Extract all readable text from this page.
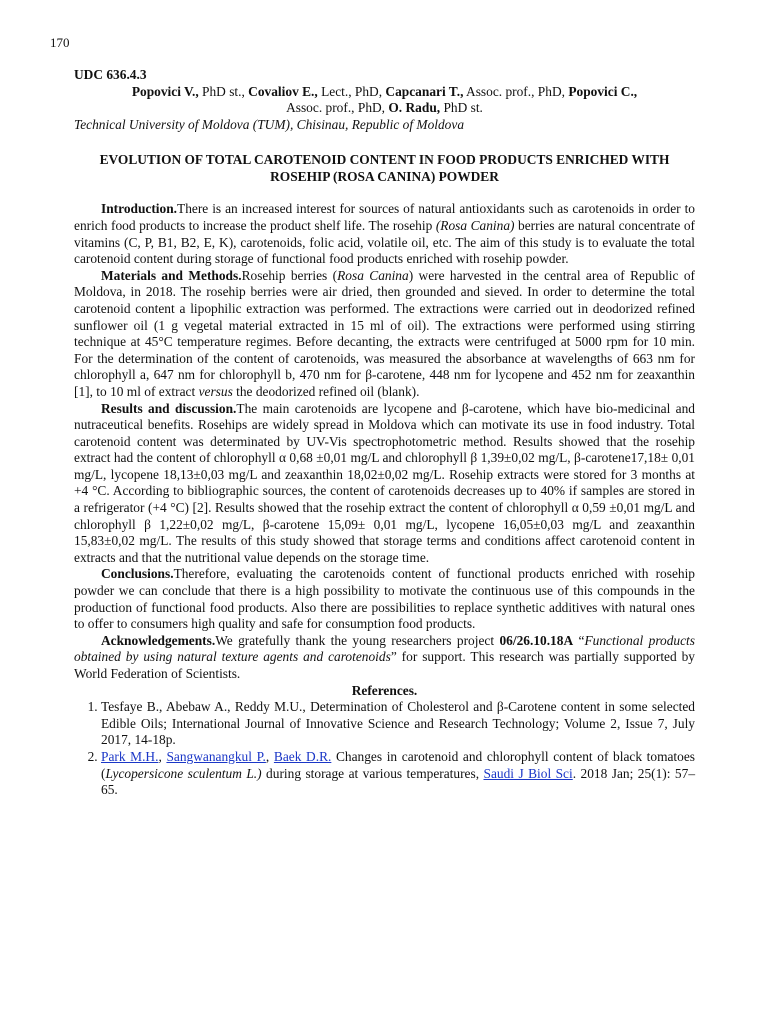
170

UDC 636.4.3

Popovici V., PhD st., Covaliov E., Lect., PhD, Capcanari T., Assoc. prof., PhD, Popovici C.,
Assoc. prof., PhD, O. Radu, PhD st.

Technical University of Moldova (TUM), Chisinau, Republic of Moldova

EVOLUTION OF TOTAL CAROTENOID CONTENT IN FOOD PRODUCTS ENRICHED WITH ROSEHIP (ROSA CANINA) POWDER

Introduction.There is an increased interest for sources of natural antioxidants such as carotenoids in order to enrich food products to increase the product shelf life. The rosehip (Rosa Canina) berries are natural concentrate of vitamins (C, P, B1, B2, E, K), carotenoids, folic acid, volatile oil, etc. The aim of this study is to evaluate the total carotenoid content during storage of functional food products enriched with rosehip powder.

Materials and Methods.Rosehip berries (Rosa Canina) were harvested in the central area of Republic of Moldova, in 2018. The rosehip berries were air dried, then grounded and sieved. In order to determine the total carotenoid content a lipophilic extraction was performed. The extractions were carried out in deodorized refined sunflower oil (1 g vegetal material extracted in 15 ml of oil). The extractions were performed using stirring technique at 45°C temperature regimes. Before decanting, the extracts were centrifuged at 5000 rpm for 10 min. For the determination of the content of carotenoids, was measured the absorbance at wavelengths of 663 nm for chlorophyll a, 647 nm for chlorophyll b, 470 nm for β-carotene, 448 nm for lycopene and 452 nm for zeaxanthin [1], to 10 ml of extract versus the deodorized refined oil (blank).

Results and discussion.The main carotenoids are lycopene and β-carotene, which have bio-medicinal and nutraceutical benefits. Rosehips are widely spread in Moldova which can motivate its use in food industry. Total carotenoid content was determinated by UV-Vis spectrophotometric method. Results showed that the rosehip extract had the content of chlorophyll α 0,68 ±0,01 mg/L and chlorophyll β 1,39±0,02 mg/L, β-carotene17,18± 0,01 mg/L, lycopene 18,13±0,03 mg/L and zeaxanthin 18,02±0,02 mg/L. Rosehip extracts were stored for 3 months at +4 °C. According to bibliographic sources, the content of carotenoids decreases up to 40% if samples are stored in a refrigerator (+4 °C) [2]. Results showed that the rosehip extract the content of chlorophyll α 0,59 ±0,01 mg/L and chlorophyll β 1,22±0,02 mg/L, β-carotene 15,09± 0,01 mg/L, lycopene 16,05±0,03 mg/L and zeaxanthin 15,83±0,02 mg/L. The results of this study showed that storage terms and conditions affect carotenoid content in extracts and that the nutritional value depends on the storage time.

Conclusions.Therefore, evaluating the carotenoids content of functional products enriched with rosehip powder we can conclude that there is a high possibility to motivate the continuous use of this compounds in the production of functional food products. Also there are possibilities to replace synthetic additives with natural ones to offer to consumers high quality and safe for consumption food products.

Acknowledgements.We gratefully thank the young researchers project 06/26.10.18A “Functional products obtained by using natural texture agents and carotenoids” for support. This research was partially supported by World Federation of Scientists.

References.

1. Tesfaye B., Abebaw A., Reddy M.U., Determination of Cholesterol and β-Carotene content in some selected Edible Oils; International Journal of Innovative Science and Research Technology; Volume 2, Issue 7, July 2017, 14-18p.
2. Park M.H., Sangwanangkul P., Baek D.R. Changes in carotenoid and chlorophyll content of black tomatoes (Lycopersicone sculentum L.) during storage at various temperatures, Saudi J Biol Sci. 2018 Jan; 25(1): 57–65.
